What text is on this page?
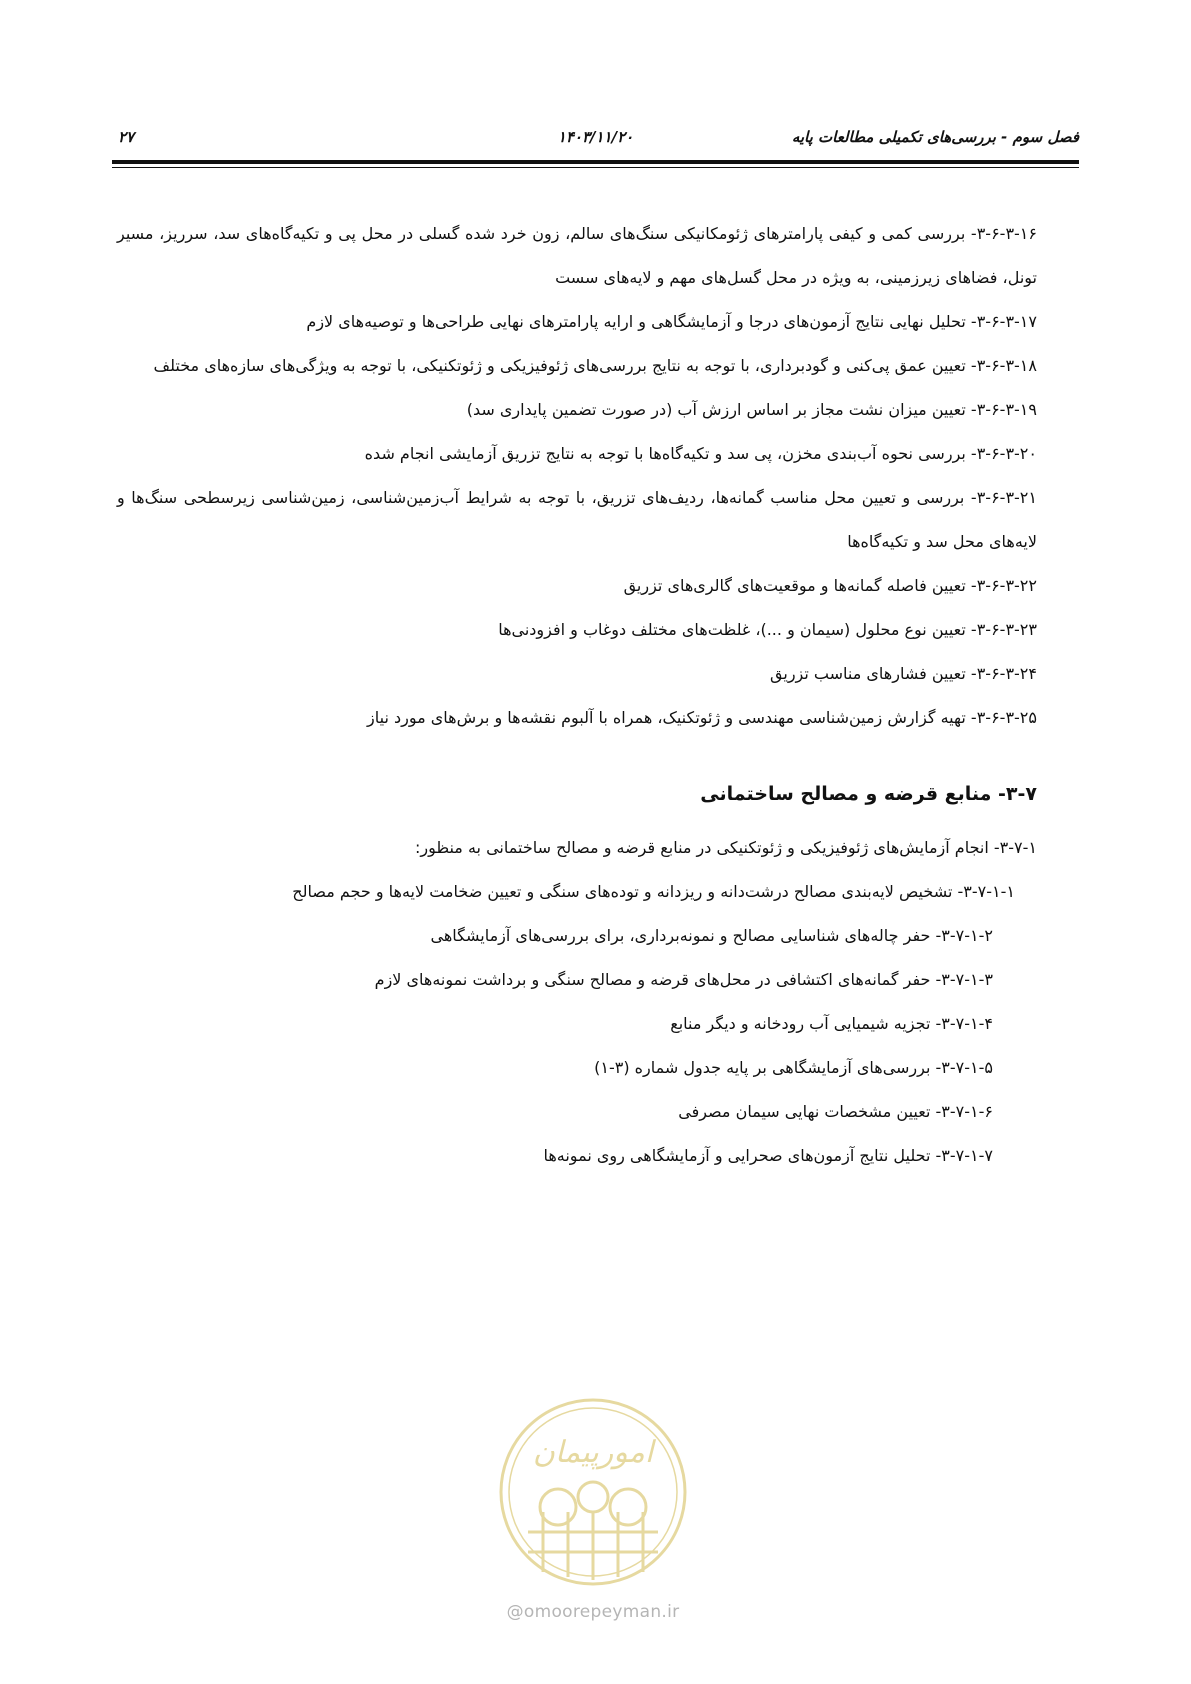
فصل سوم - بررسی‌های تکمیلی مطالعات پایه
۱۴۰۳/۱۱/۲۰
۲۷

۳-۶-۳-۱۶- بررسی کمی و کیفی پارامترهای ژئومکانیکی سنگ‌های سالم، زون خرد شده گسلی در محل پی و تکیه‌گاه‌های سد، سرریز، مسیر تونل، فضاهای زیرزمینی، به ویژه در محل گسل‌های مهم و لایه‌های سست

۳-۶-۳-۱۷- تحلیل نهایی نتایج آزمون‌های درجا و آزمایشگاهی و ارایه پارامترهای نهایی طراحی‌ها و توصیه‌های لازم

۳-۶-۳-۱۸- تعیین عمق پی‌کنی و گودبرداری، با توجه به نتایج بررسی‌های ژئوفیزیکی و ژئوتکنیکی، با توجه به ویژگی‌های سازه‌های مختلف

۳-۶-۳-۱۹- تعیین میزان نشت مجاز بر اساس ارزش آب (در صورت تضمین پایداری سد)

۳-۶-۳-۲۰- بررسی نحوه آب‌بندی مخزن، پی سد و تکیه‌گاه‌ها با توجه به نتایج تزریق آزمایشی انجام شده

۳-۶-۳-۲۱- بررسی و تعیین محل مناسب گمانه‌ها، ردیف‌های تزریق، با توجه به شرایط آب‌زمین‌شناسی، زمین‌شناسی زیرسطحی سنگ‌ها و لایه‌های محل سد و تکیه‌گاه‌ها

۳-۶-۳-۲۲- تعیین فاصله گمانه‌ها و موقعیت‌های گالری‌های تزریق

۳-۶-۳-۲۳- تعیین نوع محلول (سیمان و ...)، غلظت‌های مختلف دوغاب و افزودنی‌ها

۳-۶-۳-۲۴- تعیین فشارهای مناسب تزریق

۳-۶-۳-۲۵- تهیه گزارش زمین‌شناسی مهندسی و ژئوتکنیک، همراه با آلبوم نقشه‌ها و برش‌های مورد نیاز

۳-۷- منابع قرضه و مصالح ساختمانی

۳-۷-۱- انجام آزمایش‌های ژئوفیزیکی و ژئوتکنیکی در منابع قرضه و مصالح ساختمانی به منظور:

۳-۷-۱-۱- تشخیص لایه‌بندی مصالح درشت‌دانه و ریزدانه و توده‌های سنگی و تعیین ضخامت لایه‌ها و حجم مصالح

۳-۷-۱-۲- حفر چاله‌های شناسایی مصالح و نمونه‌برداری، برای بررسی‌های آزمایشگاهی

۳-۷-۱-۳- حفر گمانه‌های اکتشافی در محل‌های قرضه و مصالح سنگی و برداشت نمونه‌های لازم

۳-۷-۱-۴- تجزیه شیمیایی آب رودخانه و دیگر منابع

۳-۷-۱-۵- بررسی‌های آزمایشگاهی بر پایه جدول شماره (۳-۱)

۳-۷-۱-۶- تعیین مشخصات نهایی سیمان مصرفی

۳-۷-۱-۷- تحلیل نتایج آزمون‌های صحرایی و آزمایشگاهی روی نمونه‌ها

امورپیمان
@omoorepeyman.ir
